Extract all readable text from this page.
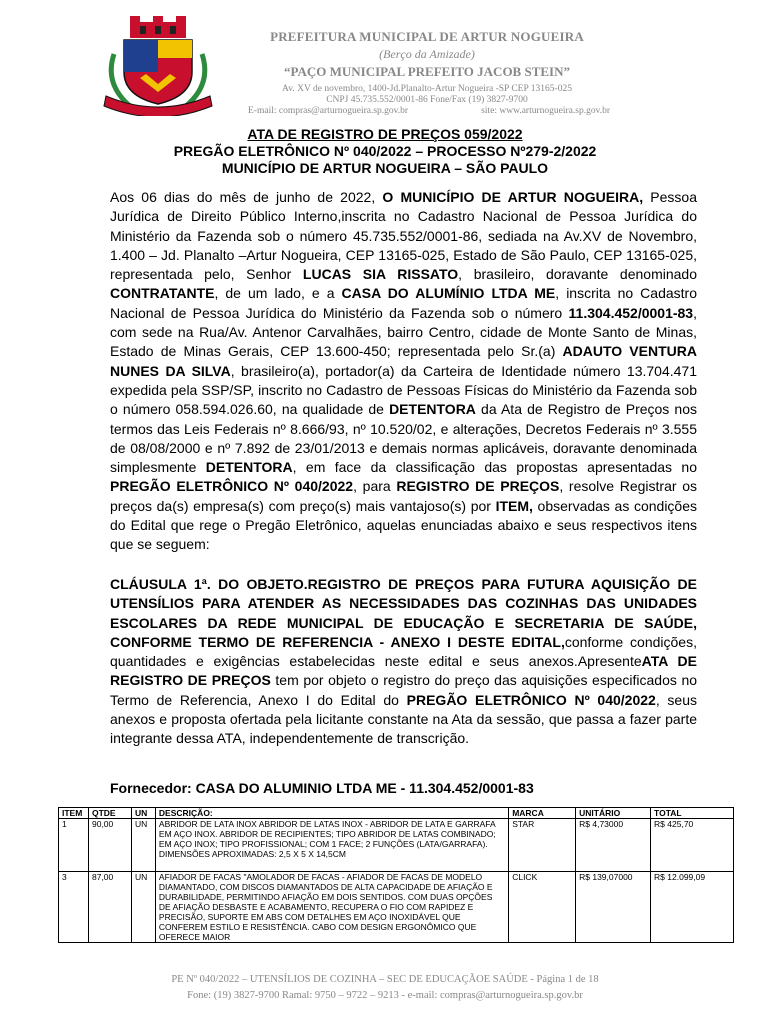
PREFEITURA MUNICIPAL DE ARTUR NOGUEIRA
(Berço da Amizade)
“PAÇO MUNICIPAL PREFEITO JACOB STEIN”
Av. XV de novembro, 1400-Jd.Planalto-Artur Nogueira -SP CEP 13165-025
CNPJ 45.735.552/0001-86 Fone/Fax (19) 3827-9700
E-mail: compras@arturnogueira.sp.gov.br	site: www.arturnogueira.sp.gov.br
ATA DE REGISTRO DE PREÇOS 059/2022
PREGÃO ELETRÔNICO Nº 040/2022 – PROCESSO Nº279-2/2022
MUNICÍPIO DE ARTUR NOGUEIRA – SÃO PAULO
Aos 06 dias do mês de junho de 2022, O MUNICÍPIO DE ARTUR NOGUEIRA, Pessoa Jurídica de Direito Público Interno,inscrita no Cadastro Nacional de Pessoa Jurídica do Ministério da Fazenda sob o número 45.735.552/0001-86, sediada na Av.XV de Novembro, 1.400 – Jd. Planalto –Artur Nogueira, CEP 13165-025, Estado de São Paulo, CEP 13165-025, representada pelo, Senhor LUCAS SIA RISSATO, brasileiro, doravante denominado CONTRATANTE, de um lado, e a CASA DO ALUMÍNIO LTDA ME, inscrita no Cadastro Nacional de Pessoa Jurídica do Ministério da Fazenda sob o número 11.304.452/0001-83, com sede na Rua/Av. Antenor Carvalhães, bairro Centro, cidade de Monte Santo de Minas, Estado de Minas Gerais, CEP 13.600-450; representada pelo Sr.(a) ADAUTO VENTURA NUNES DA SILVA, brasileiro(a), portador(a) da Carteira de Identidade número 13.704.471 expedida pela SSP/SP, inscrito no Cadastro de Pessoas Físicas do Ministério da Fazenda sob o número 058.594.026.60, na qualidade de DETENTORA da Ata de Registro de Preços nos termos das Leis Federais nº 8.666/93, nº 10.520/02, e alterações, Decretos Federais nº 3.555 de 08/08/2000 e nº 7.892 de 23/01/2013 e demais normas aplicáveis, doravante denominada simplesmente DETENTORA, em face da classificação das propostas apresentadas no PREGÃO ELETRÔNICO Nº 040/2022, para REGISTRO DE PREÇOS, resolve Registrar os preços da(s) empresa(s) com preço(s) mais vantajoso(s) por ITEM, observadas as condições do Edital que rege o Pregão Eletrônico, aquelas enunciadas abaixo e seus respectivos itens que se seguem:
CLÁUSULA 1ª. DO OBJETO.REGISTRO DE PREÇOS PARA FUTURA AQUISIÇÃO DE UTENSÍLIOS PARA ATENDER AS NECESSIDADES DAS COZINHAS DAS UNIDADES ESCOLARES DA REDE MUNICIPAL DE EDUCAÇÃO E SECRETARIA DE SAÚDE, CONFORME TERMO DE REFERENCIA - ANEXO I DESTE EDITAL,conforme condições, quantidades e exigências estabelecidas neste edital e seus anexos.ApresenteATA DE REGISTRO DE PREÇOS tem por objeto o registro do preço das aquisições especificados no Termo de Referencia, Anexo I do Edital do PREGÃO ELETRÔNICO Nº 040/2022, seus anexos e proposta ofertada pela licitante constante na Ata da sessão, que passa a fazer parte integrante dessa ATA, independentemente de transcrição.
Fornecedor: CASA DO ALUMINIO LTDA ME - 11.304.452/0001-83
ITEM	QTDE	UN	DESCRIÇÃO:	MARCA	UNITÁRIO	TOTAL
1	90,00	UN	ABRIDOR DE LATA INOX ABRIDOR DE LATAS INOX - ABRIDOR DE LATA E GARRAFA EM AÇO INOX. ABRIDOR DE RECIPIENTES; TIPO ABRIDOR DE LATAS COMBINADO; EM AÇO INOX; TIPO PROFISSIONAL; COM 1 FACE; 2 FUNÇÕES (LATA/GARRAFA). DIMENSÕES APROXIMADAS: 2,5 X 5 X 14,5CM	STAR	R$ 4,73000	R$ 425,70
3	87,00	UN	AFIADOR DE FACAS "AMOLADOR DE FACAS - AFIADOR DE FACAS DE MODELO DIAMANTADO, COM DISCOS DIAMANTADOS DE ALTA CAPACIDADE DE AFIAÇÃO E DURABILIDADE, PERMITINDO AFIAÇÃO EM DOIS SENTIDOS. COM DUAS OPÇÕES DE AFIAÇÃO DESBASTE E ACABAMENTO, RECUPERA O FIO COM RAPIDEZ E PRECISÃO, SUPORTE EM ABS COM DETALHES EM AÇO INOXIDÁVEL QUE CONFEREM ESTILO E RESISTÊNCIA. CABO COM DESIGN ERGONÔMICO QUE OFERECE MAIOR	CLICK	R$ 139,07000	R$ 12.099,09
PE Nº 040/2022 – UTENSÍLIOS DE COZINHA – SEC DE EDUCAÇÃOE SAÚDE - Página 1 de 18
Fone: (19) 3827-9700 Ramal: 9750 – 9722 – 9213 - e-mail: compras@arturnogueira.sp.gov.br
